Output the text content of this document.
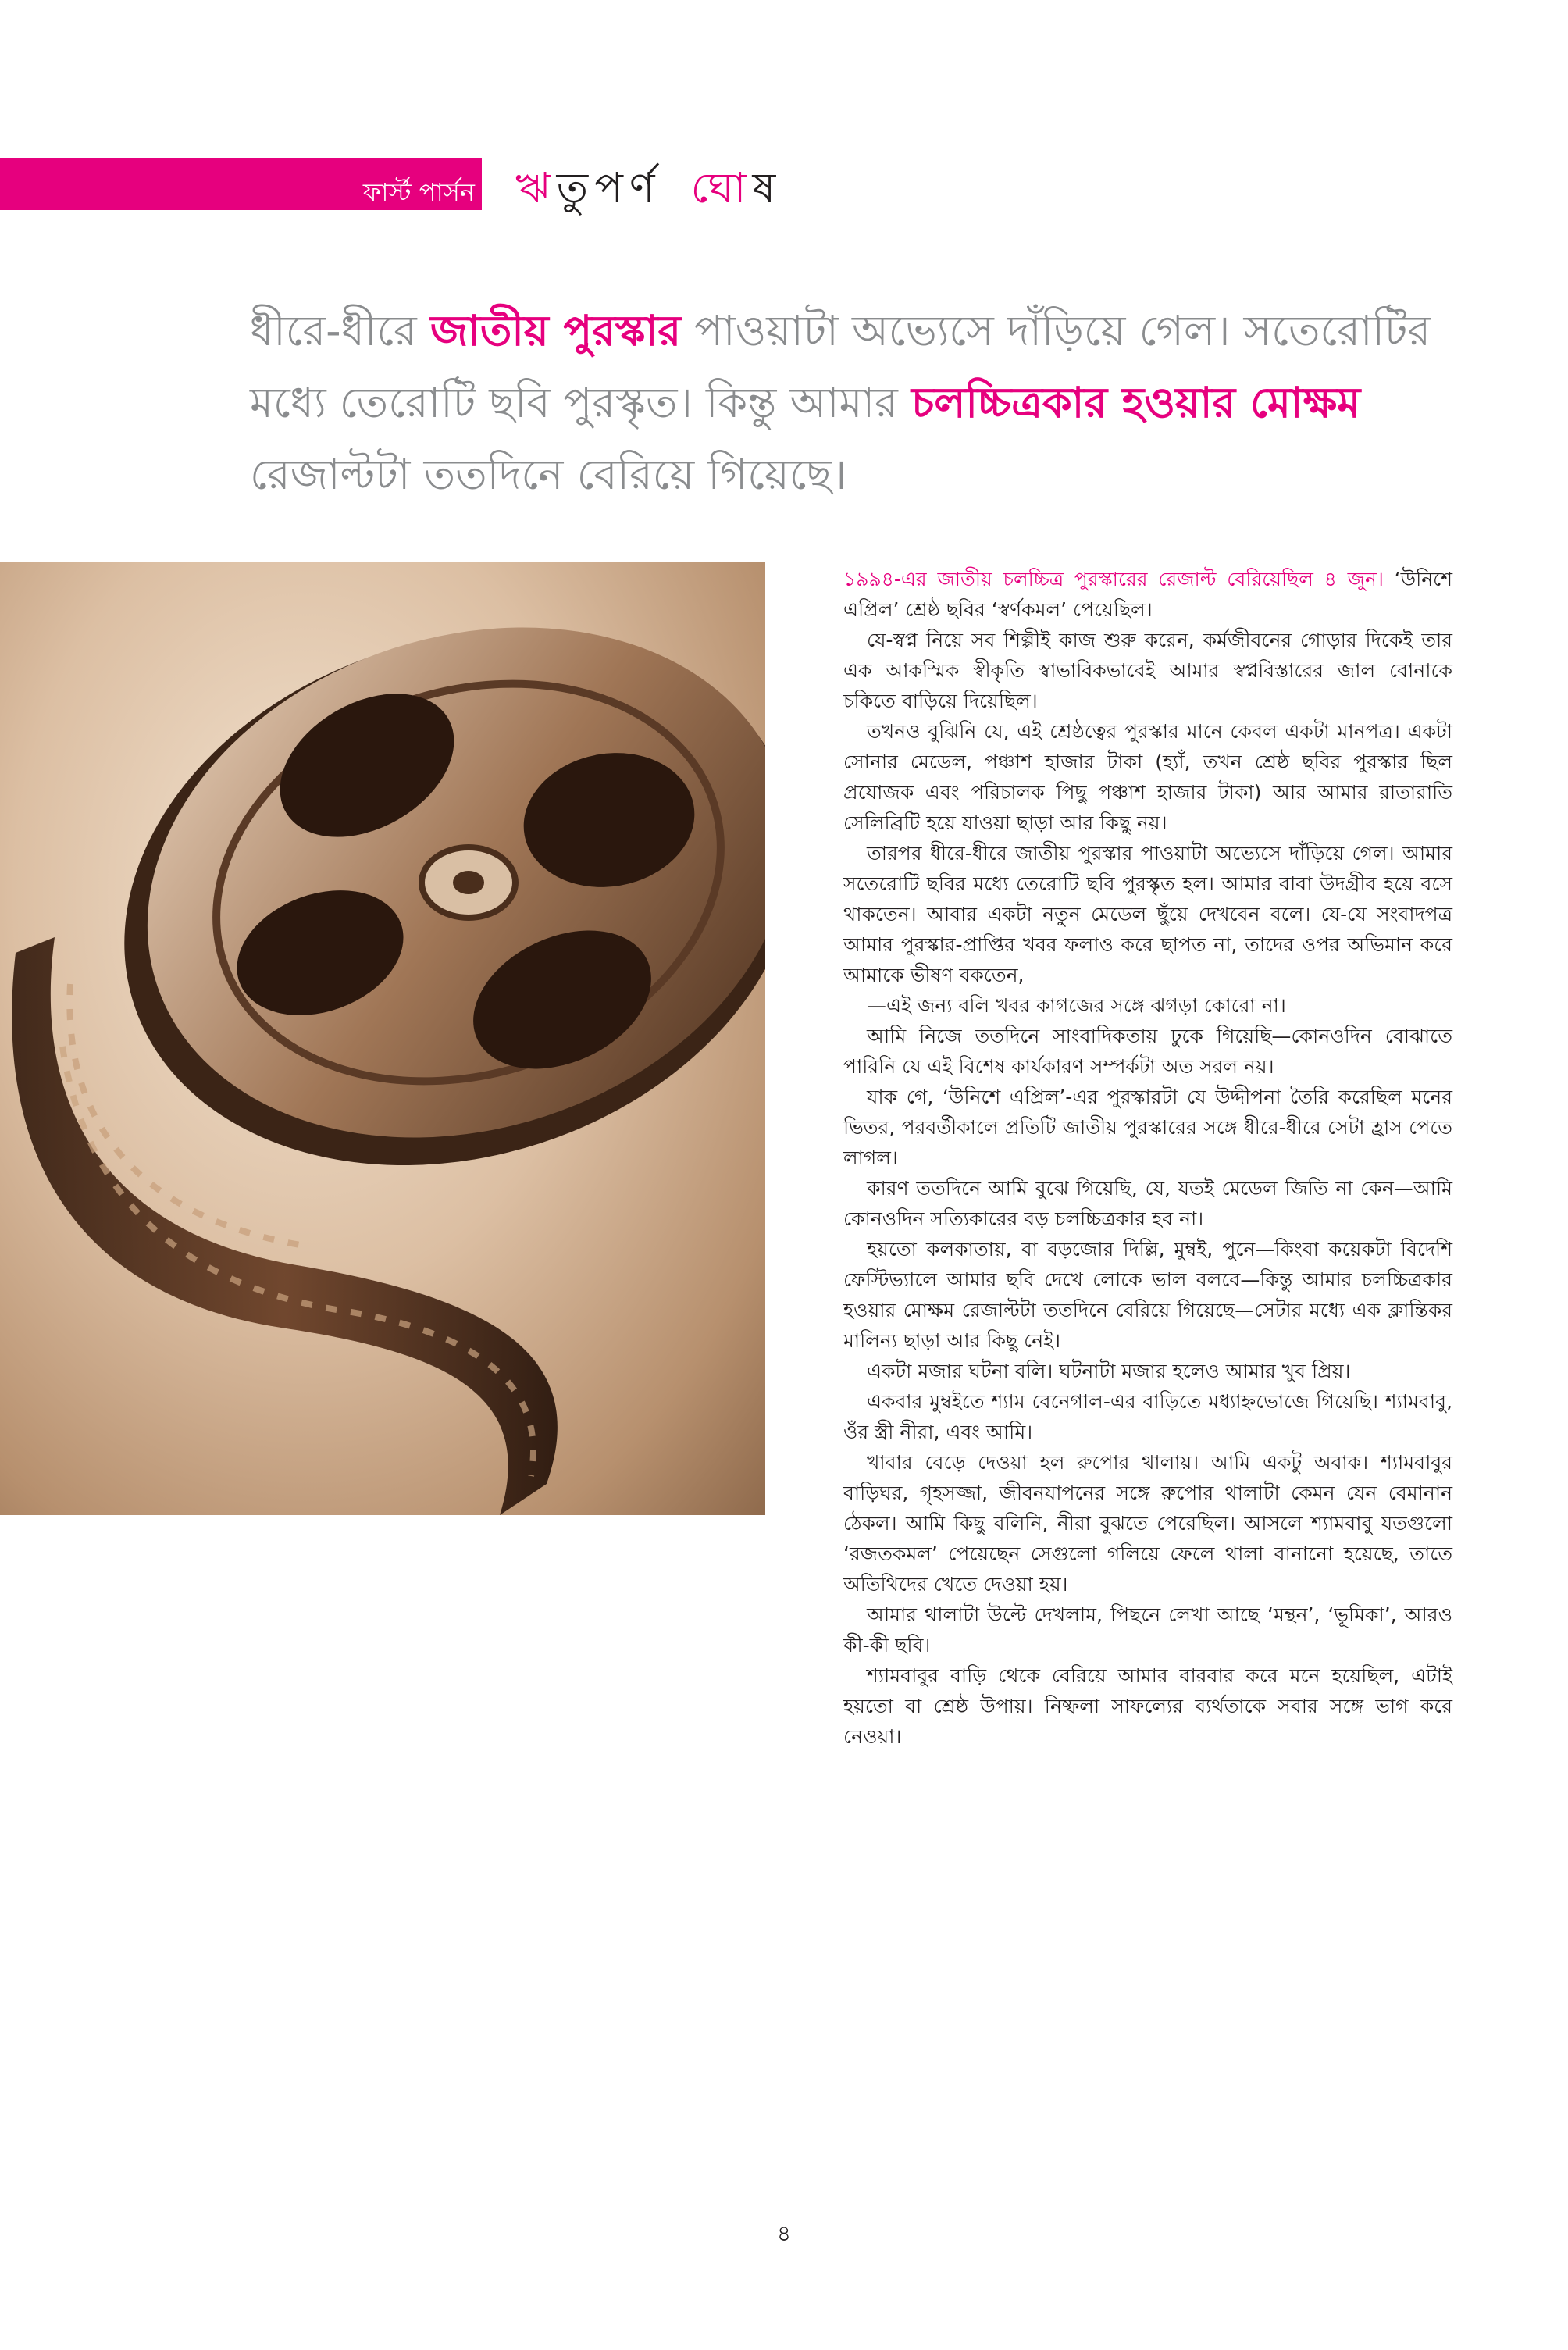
ফার্স্ট পার্সন ঋতুপর্ণ ঘোষ

ধীরে-ধীরে জাতীয় পুরস্কার পাওয়াটা অভ্যেসে দাঁড়িয়ে গেল। সতেরোটির মধ্যে তেরোটি ছবি পুরস্কৃত। কিন্তু আমার চলচ্চিত্রকার হওয়ার মোক্ষম রেজাল্টটা ততদিনে বেরিয়ে গিয়েছে।

১৯৯৪-এর জাতীয় চলচ্চিত্র পুরস্কারের রেজাল্ট বেরিয়েছিল ৪ জুন। ‘উনিশে এপ্রিল’ শ্রেষ্ঠ ছবির ‘স্বর্ণকমল’ পেয়েছিল।

যে-স্বপ্ন নিয়ে সব শিল্পীই কাজ শুরু করেন, কর্মজীবনের গোড়ার দিকেই তার এক আকস্মিক স্বীকৃতি স্বাভাবিকভাবেই আমার স্বপ্নবিস্তারের জাল বোনাকে চকিতে বাড়িয়ে দিয়েছিল।

তখনও বুঝিনি যে, এই শ্রেষ্ঠত্বের পুরস্কার মানে কেবল একটা মানপত্র। একটা সোনার মেডেল, পঞ্চাশ হাজার টাকা (হ্যাঁ, তখন শ্রেষ্ঠ ছবির পুরস্কার ছিল প্রযোজক এবং পরিচালক পিছু পঞ্চাশ হাজার টাকা) আর আমার রাতারাতি সেলিব্রিটি হয়ে যাওয়া ছাড়া আর কিছু নয়।

তারপর ধীরে-ধীরে জাতীয় পুরস্কার পাওয়াটা অভ্যেসে দাঁড়িয়ে গেল। আমার সতেরোটি ছবির মধ্যে তেরোটি ছবি পুরস্কৃত হল। আমার বাবা উদগ্রীব হয়ে বসে থাকতেন। আবার একটা নতুন মেডেল ছুঁয়ে দেখবেন বলে। যে-যে সংবাদপত্র আমার পুরস্কার-প্রাপ্তির খবর ফলাও করে ছাপত না, তাদের ওপর অভিমান করে আমাকে ভীষণ বকতেন,

—এই জন্য বলি খবর কাগজের সঙ্গে ঝগড়া কোরো না।

আমি নিজে ততদিনে সাংবাদিকতায় ঢুকে গিয়েছি—কোনওদিন বোঝাতে পারিনি যে এই বিশেষ কার্যকারণ সম্পর্কটা অত সরল নয়।

যাক গে, ‘উনিশে এপ্রিল’-এর পুরস্কারটা যে উদ্দীপনা তৈরি করেছিল মনের ভিতর, পরবর্তীকালে প্রতিটি জাতীয় পুরস্কারের সঙ্গে ধীরে-ধীরে সেটা হ্রাস পেতে লাগল।

কারণ ততদিনে আমি বুঝে গিয়েছি, যে, যতই মেডেল জিতি না কেন—আমি কোনওদিন সত্যিকারের বড় চলচ্চিত্রকার হব না।

হয়তো কলকাতায়, বা বড়জোর দিল্লি, মুম্বই, পুনে—কিংবা কয়েকটা বিদেশি ফেস্টিভ্যালে আমার ছবি দেখে লোকে ভাল বলবে—কিন্তু আমার চলচ্চিত্রকার হওয়ার মোক্ষম রেজাল্টটা ততদিনে বেরিয়ে গিয়েছে—সেটার মধ্যে এক ক্লান্তিকর মালিন্য ছাড়া আর কিছু নেই।

একটা মজার ঘটনা বলি। ঘটনাটা মজার হলেও আমার খুব প্রিয়।

একবার মুম্বইতে শ্যাম বেনেগাল-এর বাড়িতে মধ্যাহ্নভোজে গিয়েছি। শ্যামবাবু, ওঁর স্ত্রী নীরা, এবং আমি।

খাবার বেড়ে দেওয়া হল রুপোর থালায়। আমি একটু অবাক। শ্যামবাবুর বাড়িঘর, গৃহসজ্জা, জীবনযাপনের সঙ্গে রুপোর থালাটা কেমন যেন বেমানান ঠেকল। আমি কিছু বলিনি, নীরা বুঝতে পেরেছিল। আসলে শ্যামবাবু যতগুলো ‘রজতকমল’ পেয়েছেন সেগুলো গলিয়ে ফেলে থালা বানানো হয়েছে, তাতে অতিথিদের খেতে দেওয়া হয়।

আমার থালাটা উল্টে দেখলাম, পিছনে লেখা আছে ‘মন্থন’, ‘ভূমিকা’, আরও কী-কী ছবি।

শ্যামবাবুর বাড়ি থেকে বেরিয়ে আমার বারবার করে মনে হয়েছিল, এটাই হয়তো বা শ্রেষ্ঠ উপায়। নিষ্ফলা সাফল্যের ব্যর্থতাকে সবার সঙ্গে ভাগ করে নেওয়া।

৪
